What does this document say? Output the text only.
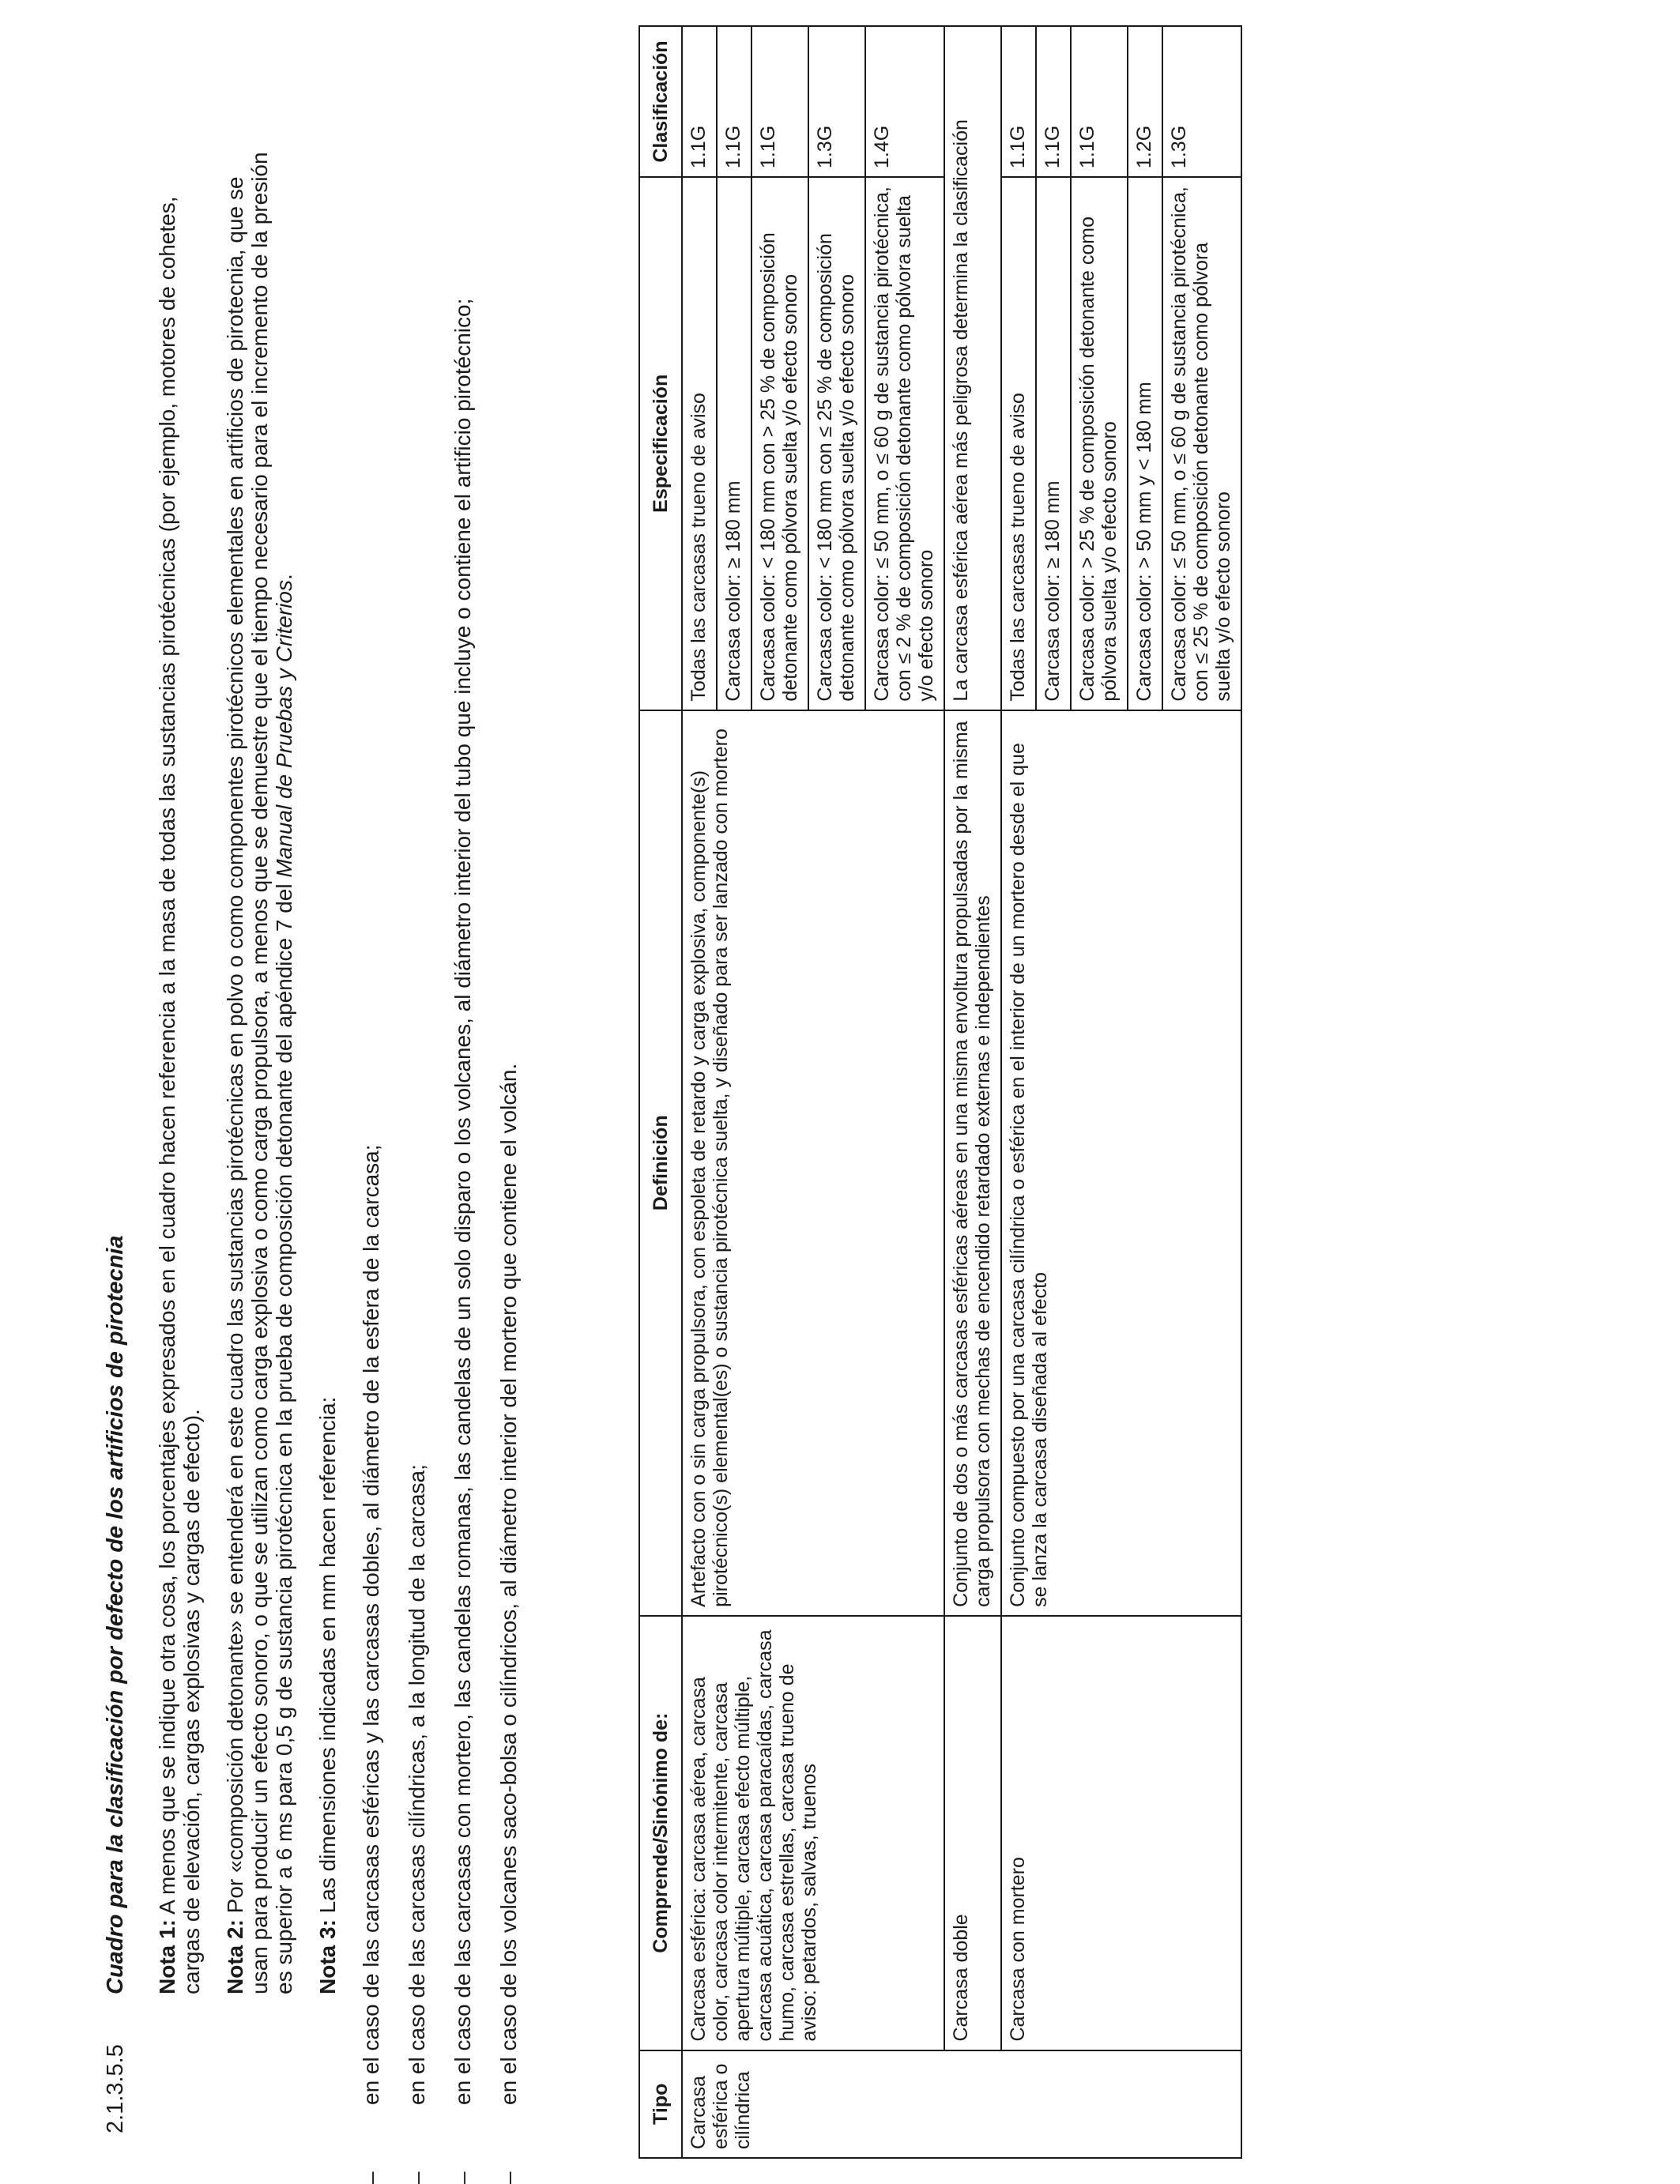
2.1.3.5.5
Cuadro para la clasificación por defecto de los artificios de pirotecnia Nota 1: A menos que se indique otra cosa, los porcentajes expresados en el cuadro hacen referencia a la masa de todas las sustancias pirotécnicas (por ejemplo, motores de cohetes, cargas de elevación, cargas explosivas y cargas de efecto). Nota 2: Por «composición detonante» se entenderá en este cuadro las sustancias pirotécnicas en polvo o como componentes pirotécnicos elementales en artificios de pirotecnia, que se usan para producir un efecto sonoro, o que se utilizan como carga explosiva o como carga propulsora, a menos que se demuestre que el tiempo necesario para el incremento de la presión es superior a 6 ms para 0,5 g de sustancia pirotécnica en la prueba de composición detonante del apéndice 7 del Manual de Pruebas y Criterios.

Nota 3: Las dimensiones indicadas en mm hacen referencia:

–
en el caso de las carcasas esféricas y las carcasas dobles, al diámetro de la esfera de la carcasa;
–
en el caso de las carcasas cilíndricas, a la longitud de la carcasa;
–
en el caso de las carcasas con mortero, las candelas romanas, las candelas de un solo disparo o los volcanes, al diámetro interior del tubo que incluye o contiene el artificio pirotécnico;
–
en el caso de los volcanes saco-bolsa o cilíndricos, al diámetro interior del mortero que contiene el volcán.	Tipo	Comprende/Sinónimo de:	Definición	Especificación	Clasificación
Carcasa esférica o cilíndrica	Carcasa esférica: carcasa aérea, carcasa color, carcasa color intermitente, carcasa apertura múltiple, carcasa efecto múltiple, carcasa acuática, carcasa paracaídas, carcasa humo, carcasa estrellas, carcasa trueno de aviso: petardos, salvas, truenos	Artefacto con o sin carga propulsora, con espoleta de retardo y carga explosiva, componente(s) pirotécnico(s) elemental(es) o sustancia pirotécnica suelta, y diseñado para ser lanzado con mortero	Todas las carcasas trueno de aviso	1.1G
			Carcasa color: ≥ 180 mm	1.1G
			Carcasa color: < 180 mm con > 25 % de composición detonante como pólvora suelta y/o efecto sonoro	1.1G
			Carcasa color: < 180 mm con ≤ 25 % de composición detonante como pólvora suelta y/o efecto sonoro	1.3G
			Carcasa color: ≤ 50 mm, o ≤ 60 g de sustancia pirotécnica, con ≤ 2 % de composición detonante como pólvora suelta y/o efecto sonoro	1.4G
	Carcasa doble	Conjunto de dos o más carcasas esféricas aéreas en una misma envoltura propulsadas por la misma carga propulsora con mechas de encendido retardado externas e independientes	La carcasa esférica aérea más peligrosa determina la clasificación	
	Carcasa con mortero	Conjunto compuesto por una carcasa cilíndrica o esférica en el interior de un mortero desde el que se lanza la carcasa diseñada al efecto	Todas las carcasas trueno de aviso	1.1G
			Carcasa color: ≥ 180 mm	1.1G
			Carcasa color: > 25 % de composición detonante como pólvora suelta y/o efecto sonoro	1.1G
			Carcasa color: > 50 mm y < 180 mm	1.2G
			Carcasa color: ≤ 50 mm, o ≤ 60 g de sustancia pirotécnica, con ≤ 25 % de composición detonante como pólvora suelta y/o efecto sonoro	1.3G
